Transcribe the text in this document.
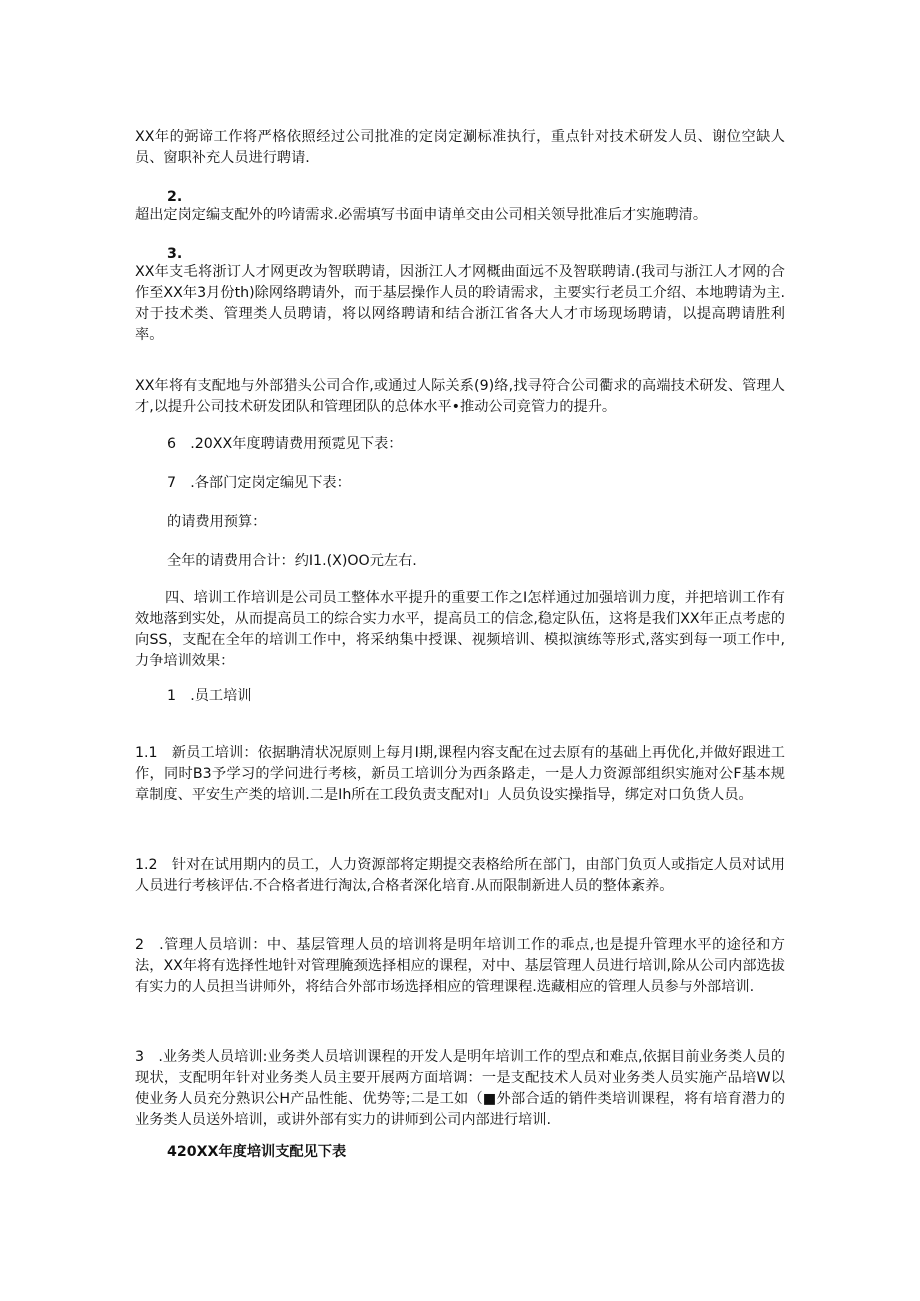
XX年的弼谛工作将严格依照经过公司批准的定岗定涮标准执行，重点针对技术研发人员、谢位空缺人员、窗职补充人员进行聘请.

2.

超出定岗定编支配外的吟请需求.必需填写书面申请单交由公司相关领导批准后才实施聘清。

3.

XX年支毛将浙订人才网更改为智联聘请，因浙江人才网概曲面远不及智联聘请.(我司与浙江人才网的合作至XX年3月份th)除网络聘请外，而于基层操作人员的聆请需求，主要实行老员工介绍、本地聘请为主.对于技术类、管理类人员聘请，将以网络聘请和结合浙江省各大人才市场现场聘请，以提高聘请胜利率。

XX年将有支配地与外部猎头公司合作,或通过人际关系(9)络,找寻符合公司衢求的高端技术研发、管理人才,以提升公司技术研发团队和管理团队的总体水平•推动公司竞管力的提升。

6　.20XX年度聘请费用预霓见下表：

7　.各部门定岗定编见下表：

的请费用预算：

全年的请费用合计：约I1.(X)OO元左右.

四、培训工作培训是公司员工整体水平提升的重要工作之I怎样通过加强培训力度，并把培训工作有效地落到实处，从而提高员工的综合实力水平，提高员工的信念,稳定队伍，这将是我们XX年正点考虑的向SS，支配在全年的培训工作中，将采纳集中授课、视频培训、模拟演练等形式,落实到每一项工作中,力争培训效果：

1　.员工培训

1.1　新员工培训：依据聃清状况原则上每月I期,课程内容支配在过去原有的基础上再优化,并做好跟进工作，同时B3予学习的学问进行考核，新员工培训分为西条路走，一是人力资源部组织实施对公F基本规章制度、平安生产类的培训.二是Ih所在工段负责支配对I」人员负设实操指导，绑定对口负货人员。

1.2　针对在试用期内的员工，人力资源部将定期提交表格给所在部门，由部门负页人或指定人员对试用人员进行考核评估.不合格者进行淘汰,合格者深化培育.从而限制新进人员的整体紊养。

2　.管理人员培训：中、基层管理人员的培训将是明年培训工作的乖点,也是提升管理水平的途径和方法，XX年将有选择性地针对管理腌颈选择相应的课程，对中、基层管理人员进行培训,除从公司内部选拔有实力的人员担当讲师外，将结合外部市场选择相应的管理课程.选藏相应的管理人员参与外部培训.

3　.业务类人员培训:业务类人员培训课程的开发人是明年培训工作的型点和难点,依据目前业务类人员的现状，支配明年针对业务类人员主要开展两方面培调：一是支配技术人员对业务类人员实施产品培W以使业务人员充分熟识公H产品性能、优势等;二是工如（■外部合适的销件类培训课程，将有培育潜力的业务类人员送外培训，或讲外部有实力的讲师到公司内部进行培训.

420XX年度培训支配见下表
